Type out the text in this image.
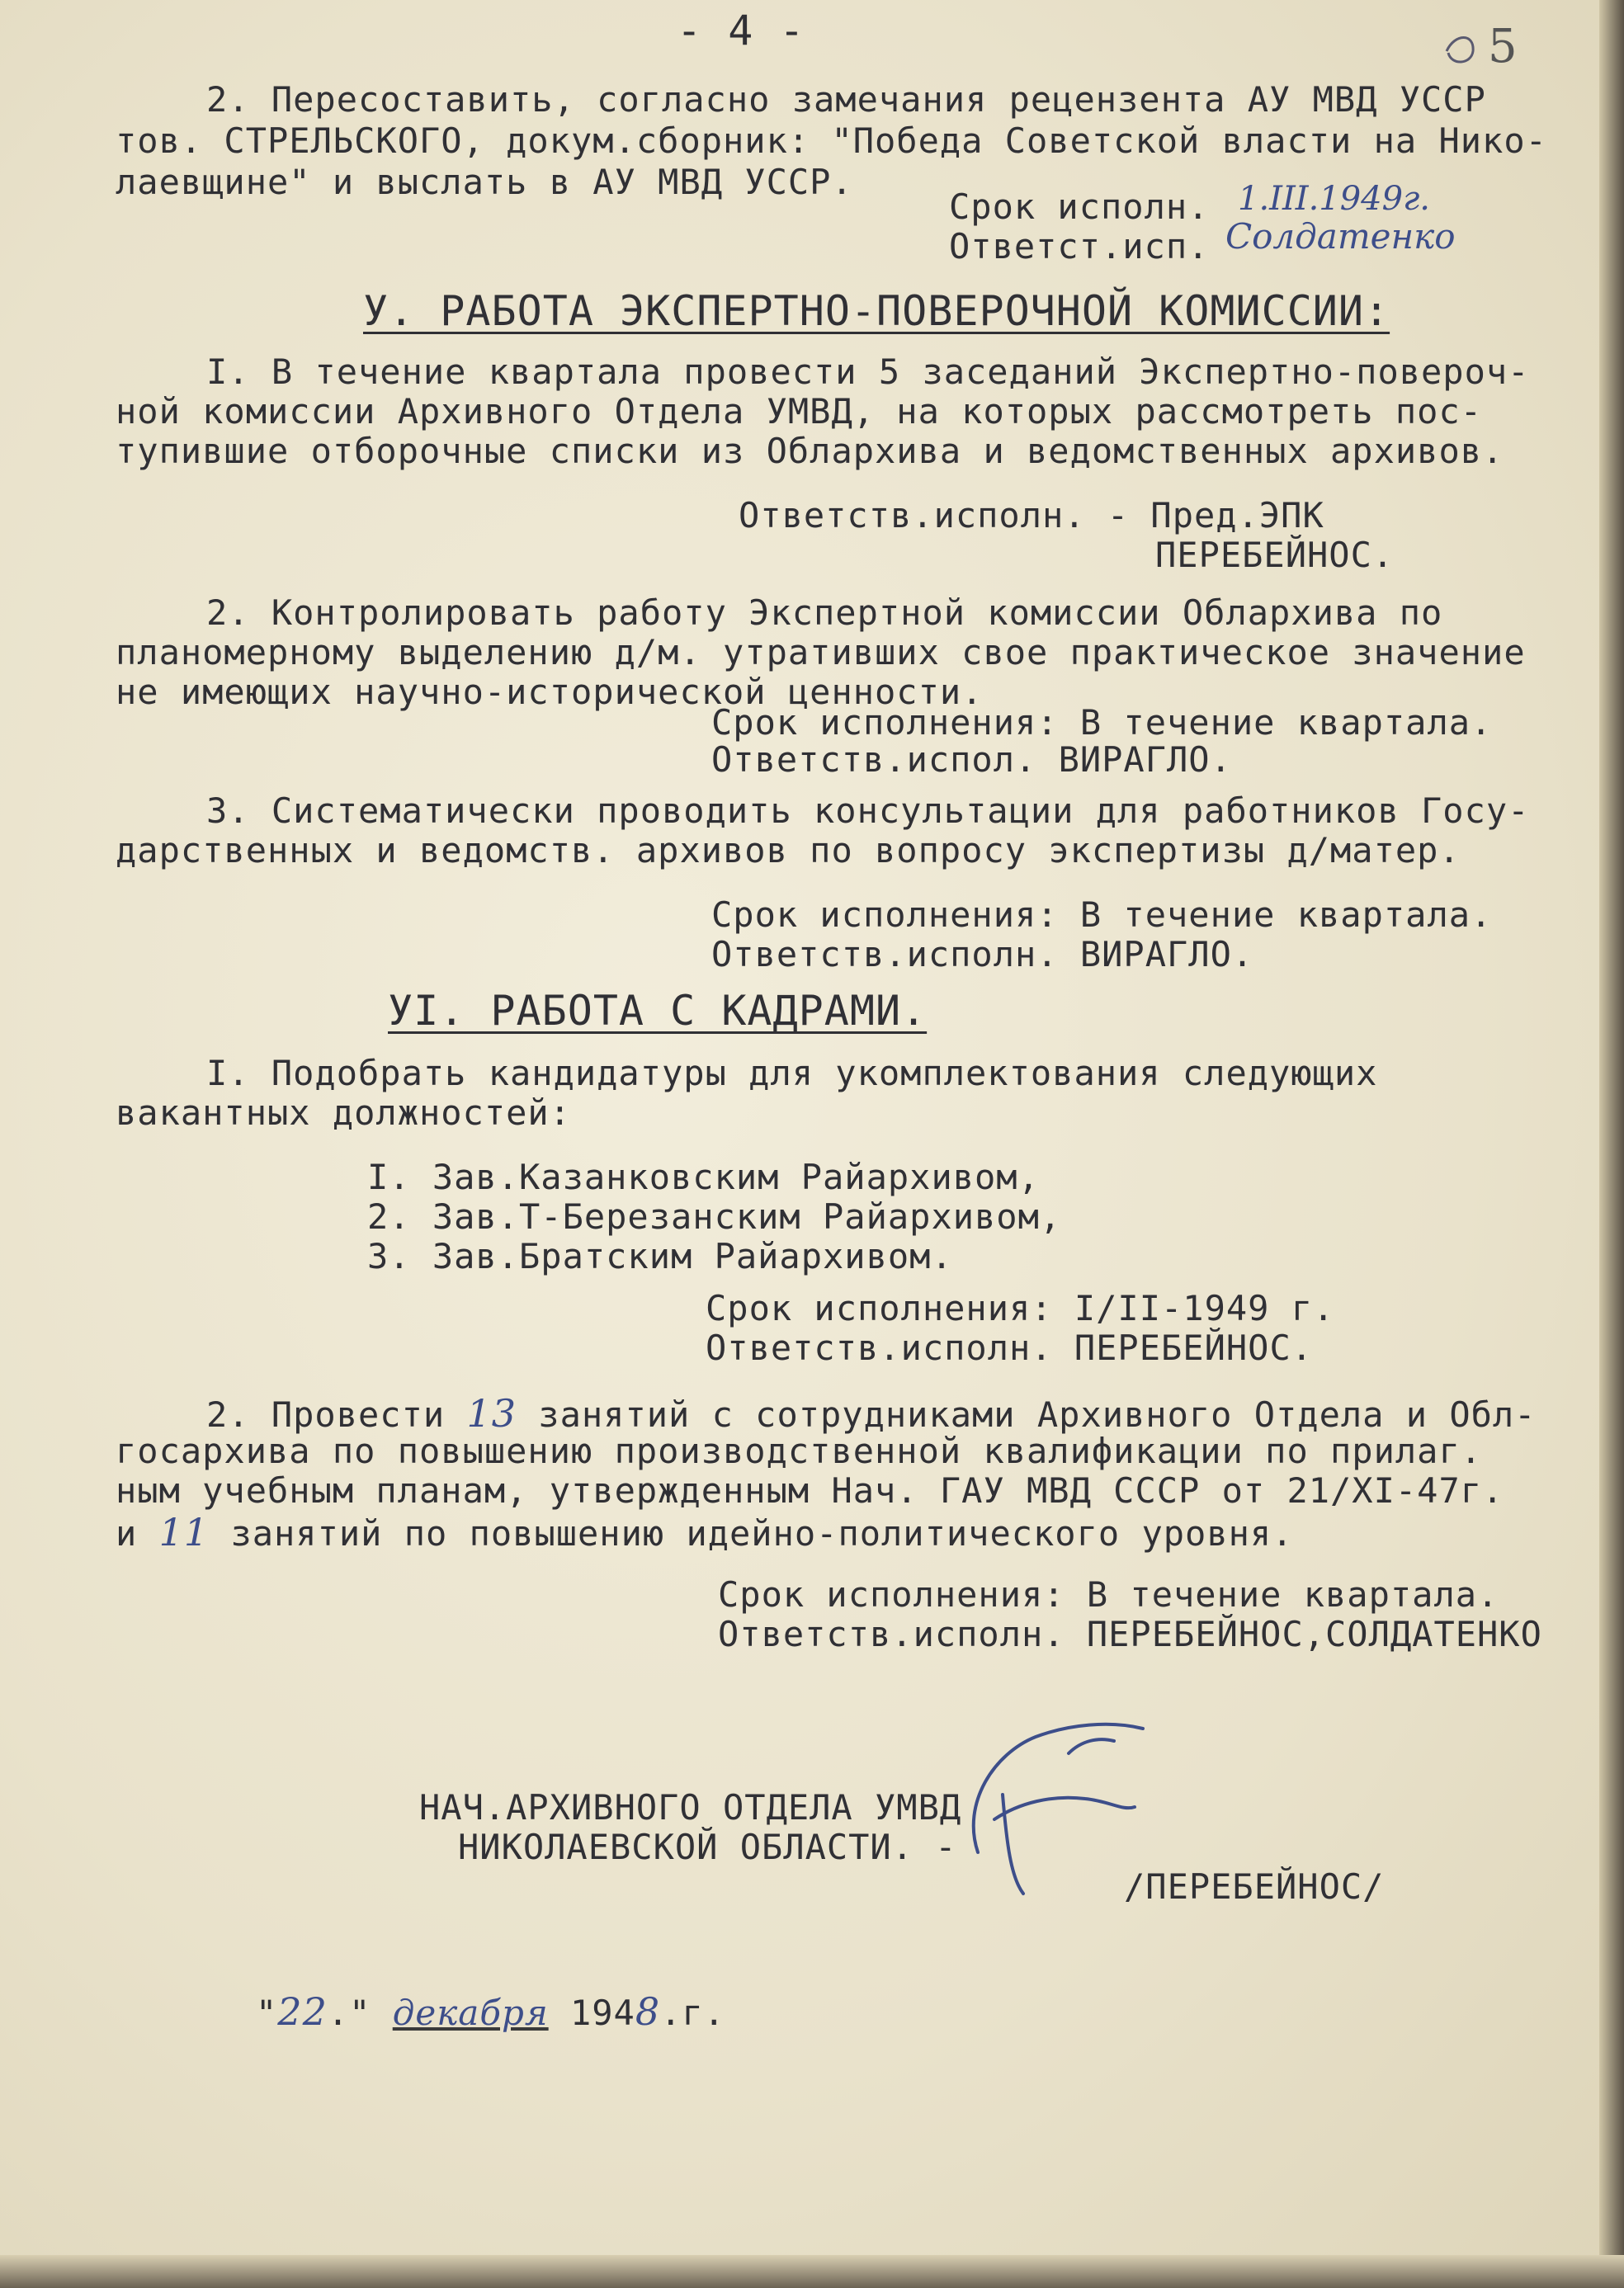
- 4 -	5
2. Пересоставить, согласно замечания рецензента АУ МВД УССР
тов. СТРЕЛЬСКОГО, докум.сборник: "Победа Советской власти на Нико-
лаевщине" и выслать в АУ МВД УССР.
Срок исполн. 1.III.1949г.
Ответст.исп. Солдатенко
У. РАБОТА ЭКСПЕРТНО-ПОВЕРОЧНОЙ КОМИССИИ:
I. В течение квартала провести 5 заседаний Экспертно-повероч-
ной комиссии Архивного Отдела УМВД, на которых рассмотреть пос-
тупившие отборочные списки из Облархива и ведомственных архивов.
Ответств.исполн. - Пред.ЭПК
ПЕРЕБЕЙНОС.
2. Контролировать работу Экспертной комиссии Облархива по
планомерному выделению д/м. утративших свое практическое значение
не имеющих научно-исторической ценности.
Срок исполнения: В течение квартала.
Ответств.испол. ВИРАГЛО.
3. Систематически проводить консультации для работников Госу-
дарственных и ведомств. архивов по вопросу экспертизы д/матер.
Срок исполнения: В течение квартала.
Ответств.исполн. ВИРАГЛО.
УI. РАБОТА С КАДРАМИ.
I. Подобрать кандидатуры для укомплектования следующих
вакантных должностей:
I. Зав.Казанковским Райархивом,
2. Зав.Т-Березанским Райархивом,
3. Зав.Братским Райархивом.
Срок исполнения: I/II-1949 г.
Ответств.исполн. ПЕРЕБЕЙНОС.
2. Провести 13 занятий с сотрудниками Архивного Отдела и Обл-
госархива по повышению производственной квалификации по прилаг.
ным учебным планам, утвержденным Нач. ГАУ МВД СССР от 21/XI-47г.
и 11 занятий по повышению идейно-политического уровня.
Срок исполнения: В течение квартала.
Ответств.исполн. ПЕРЕБЕЙНОС,СОЛДАТЕНКО
НАЧ.АРХИВНОГО ОТДЕЛА УМВД
НИКОЛАЕВСКОЙ ОБЛАСТИ. -
/ПЕРЕБЕЙНОС/
"22." декабря 1948.г.
